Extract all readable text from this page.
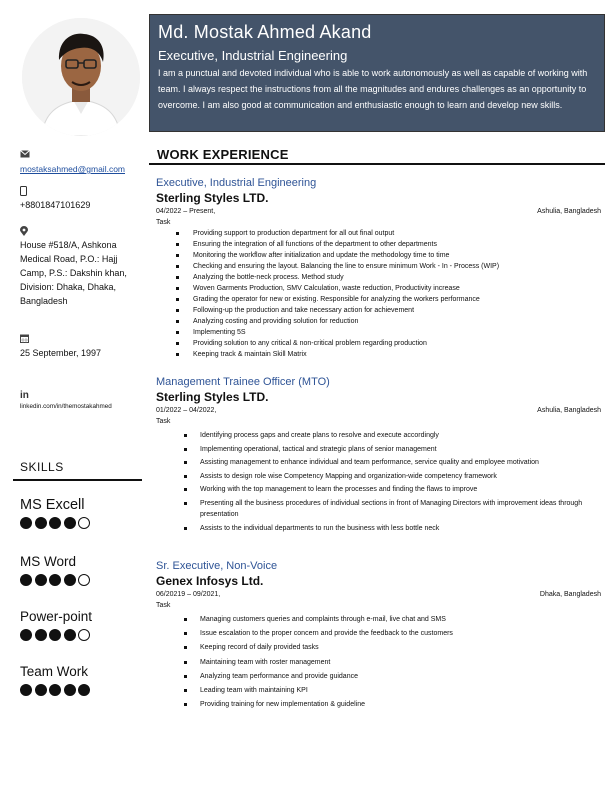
Md. Mostak Ahmed Akand
Executive, Industrial Engineering
I am a punctual and devoted individual who is able to work autonomously as well as capable of working with team. I always respect the instructions from all the magnitudes and endures challenges as an opportunity to overcome. I am also good at communication and enthusiastic enough to learn and develop new skills.
mostaksahmed@gmail.com
+8801847101629
House #518/A, Ashkona Medical Road, P.O.: Hajj Camp, P.S.: Dakshin khan, Division: Dhaka, Dhaka, Bangladesh
25 September, 1997
in
linkedin.com/in/themostakahmed
SKILLS
MS Excell
MS Word
Power-point
Team Work
WORK EXPERIENCE
Executive, Industrial Engineering
Sterling Styles LTD.
04/2022 – Present,	Ashulia, Bangladesh
Task
Providing support to production department for all out final output
Ensuring the integration of all functions of the department to other departments
Monitoring the workflow after initialization and update the methodology time to time
Checking and ensuring the layout. Balancing the line to ensure minimum Work - In - Process (WIP)
Analyzing the bottle-neck process. Method study
Woven Garments Production, SMV Calculation, waste reduction, Productivity increase
Grading the operator for new or existing. Responsible for analyzing the workers performance
Following-up the production and take necessary action for achievement
Analyzing costing and providing solution for reduction
Implementing 5S
Providing solution to any critical & non-critical problem regarding production
Keeping track & maintain Skill Matrix
Management Trainee Officer (MTO)
Sterling Styles LTD.
01/2022 – 04/2022,	Ashulia, Bangladesh
Task
Identifying process gaps and create plans to resolve and execute accordingly
Implementing operational, tactical and strategic plans of senior management
Assisting management to enhance individual and team performance, service quality and employee motivation
Assists to design role wise Competency Mapping and organization-wide competency framework
Working with the top management to learn the processes and finding the flaws to improve
Presenting all the business procedures of individual sections in front of Managing Directors with improvement ideas through presentation
Assists to the individual departments to run the business with less bottle neck
Sr. Executive, Non-Voice
Genex Infosys Ltd.
06/20219 – 09/2021,	Dhaka, Bangladesh
Task
Managing customers queries and complaints through e-mail, live chat and SMS
Issue escalation to the proper concern and provide the feedback to the customers
Keeping record of daily provided tasks
Maintaining team with roster management
Analyzing team performance and provide guidance
Leading team with maintaining KPI
Providing training for new implementation & guideline
